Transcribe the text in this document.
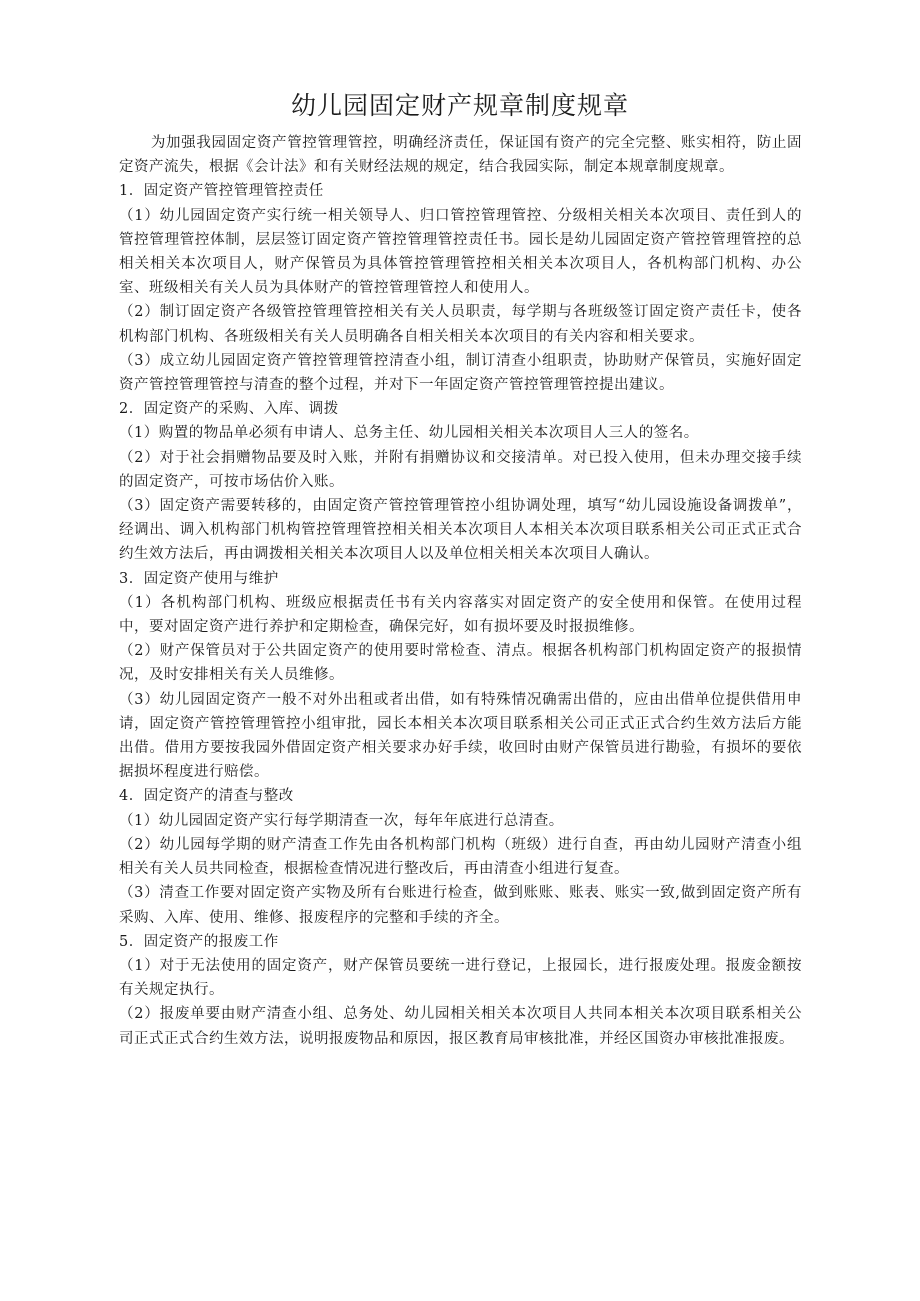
幼儿园固定财产规章制度规章

为加强我园固定资产管控管理管控，明确经济责任，保证国有资产的完全完整、账实相符，防止固定资产流失，根据《会计法》和有关财经法规的规定，结合我园实际，制定本规章制度规章。

1．固定资产管控管理管控责任

（1）幼儿园固定资产实行统一相关领导人、归口管控管理管控、分级相关相关本次项目、责任到人的管控管理管控体制，层层签订固定资产管控管理管控责任书。园长是幼儿园固定资产管控管理管控的总相关相关本次项目人，财产保管员为具体管控管理管控相关相关本次项目人，各机构部门机构、办公室、班级相关有关人员为具体财产的管控管理管控人和使用人。

（2）制订固定资产各级管控管理管控相关有关人员职责，每学期与各班级签订固定资产责任卡，使各机构部门机构、各班级相关有关人员明确各自相关相关本次项目的有关内容和相关要求。

（3）成立幼儿园固定资产管控管理管控清查小组，制订清查小组职责，协助财产保管员，实施好固定资产管控管理管控与清查的整个过程，并对下一年固定资产管控管理管控提出建议。

2．固定资产的采购、入库、调拨

（1）购置的物品单必须有申请人、总务主任、幼儿园相关相关本次项目人三人的签名。

（2）对于社会捐赠物品要及时入账，并附有捐赠协议和交接清单。对已投入使用，但未办理交接手续的固定资产，可按市场估价入账。

（3）固定资产需要转移的，由固定资产管控管理管控小组协调处理，填写“幼儿园设施设备调拨单”，经调出、调入机构部门机构管控管理管控相关相关本次项目人本相关本次项目联系相关公司正式正式合约生效方法后，再由调拨相关相关本次项目人以及单位相关相关本次项目人确认。

3．固定资产使用与维护

（1）各机构部门机构、班级应根据责任书有关内容落实对固定资产的安全使用和保管。在使用过程中，要对固定资产进行养护和定期检查，确保完好，如有损坏要及时报损维修。

（2）财产保管员对于公共固定资产的使用要时常检查、清点。根据各机构部门机构固定资产的报损情况，及时安排相关有关人员维修。

（3）幼儿园固定资产一般不对外出租或者出借，如有特殊情况确需出借的，应由出借单位提供借用申请，固定资产管控管理管控小组审批，园长本相关本次项目联系相关公司正式正式合约生效方法后方能出借。借用方要按我园外借固定资产相关要求办好手续，收回时由财产保管员进行勘验，有损坏的要依据损坏程度进行赔偿。

4．固定资产的清查与整改

（1）幼儿园固定资产实行每学期清查一次，每年年底进行总清查。

（2）幼儿园每学期的财产清查工作先由各机构部门机构（班级）进行自查，再由幼儿园财产清查小组相关有关人员共同检查，根据检查情况进行整改后，再由清查小组进行复查。

（3）清查工作要对固定资产实物及所有台账进行检查，做到账账、账表、账实一致,做到固定资产所有采购、入库、使用、维修、报废程序的完整和手续的齐全。

5．固定资产的报废工作

（1）对于无法使用的固定资产，财产保管员要统一进行登记，上报园长，进行报废处理。报废金额按有关规定执行。

（2）报废单要由财产清查小组、总务处、幼儿园相关相关本次项目人共同本相关本次项目联系相关公司正式正式合约生效方法，说明报废物品和原因，报区教育局审核批准，并经区国资办审核批准报废。
